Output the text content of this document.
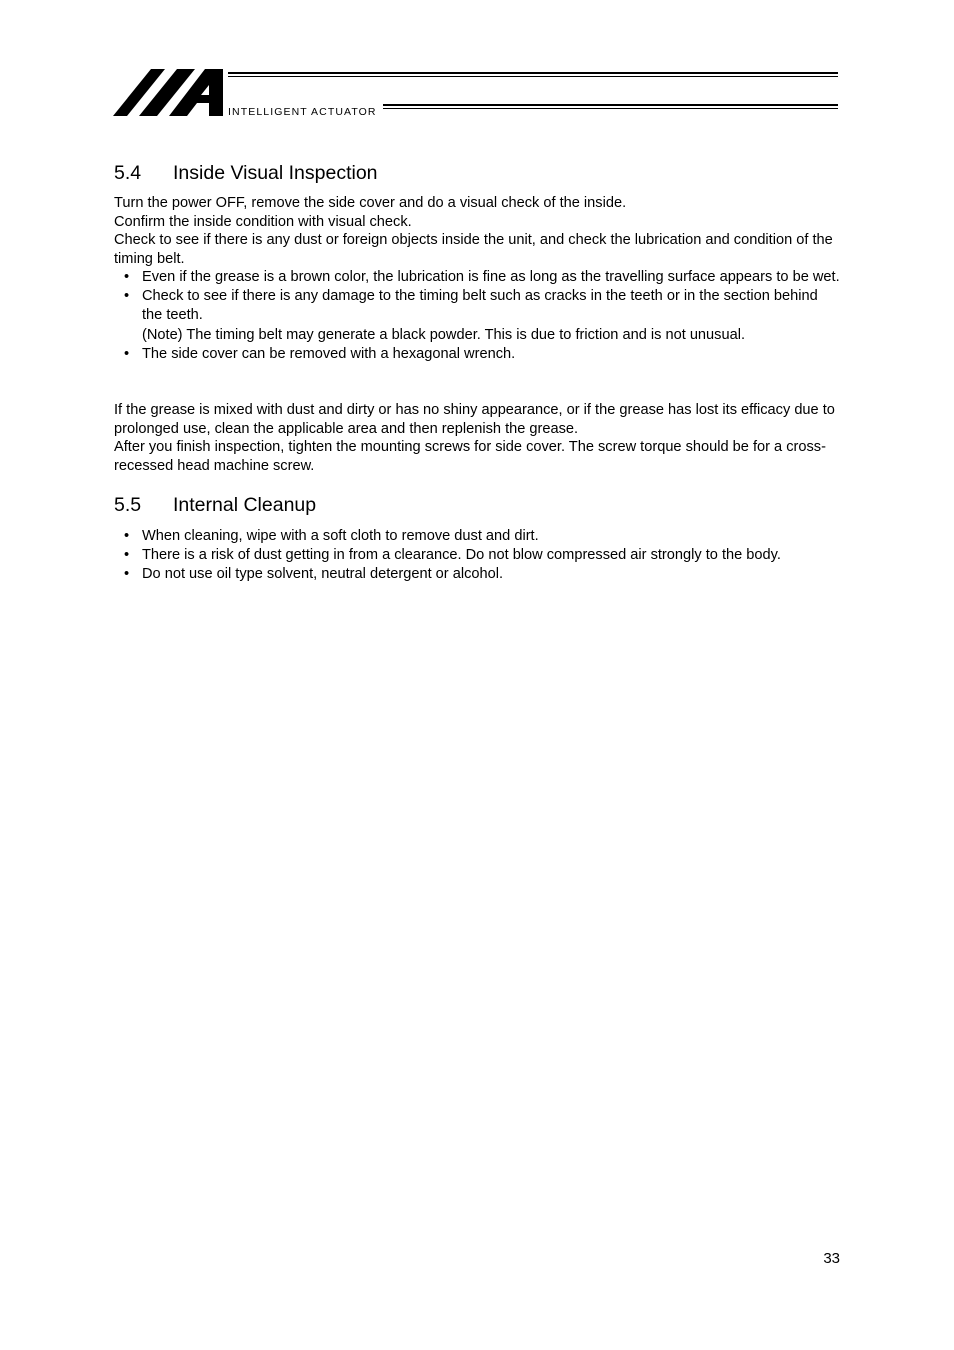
INTELLIGENT ACTUATOR
5.4 Inside Visual Inspection

Turn the power OFF, remove the side cover and do a visual check of the inside.

Confirm the inside condition with visual check.

Check to see if there is any dust or foreign objects inside the unit, and check the lubrication and condition of the timing belt.

• Even if the grease is a brown color, the lubrication is fine as long as the travelling surface appears to be wet.
• Check to see if there is any damage to the timing belt such as cracks in the teeth or in the section behind the teeth.
(Note) The timing belt may generate a black powder. This is due to friction and is not unusual.
• The side cover can be removed with a hexagonal wrench.

If the grease is mixed with dust and dirty or has no shiny appearance, or if the grease has lost its efficacy due to prolonged use, clean the applicable area and then replenish the grease.

After you finish inspection, tighten the mounting screws for side cover. The screw torque should be for a cross-recessed head machine screw.

5.5 Internal Cleanup
• When cleaning, wipe with a soft cloth to remove dust and dirt.
• There is a risk of dust getting in from a clearance. Do not blow compressed air strongly to the body.
• Do not use oil type solvent, neutral detergent or alcohol.
33
